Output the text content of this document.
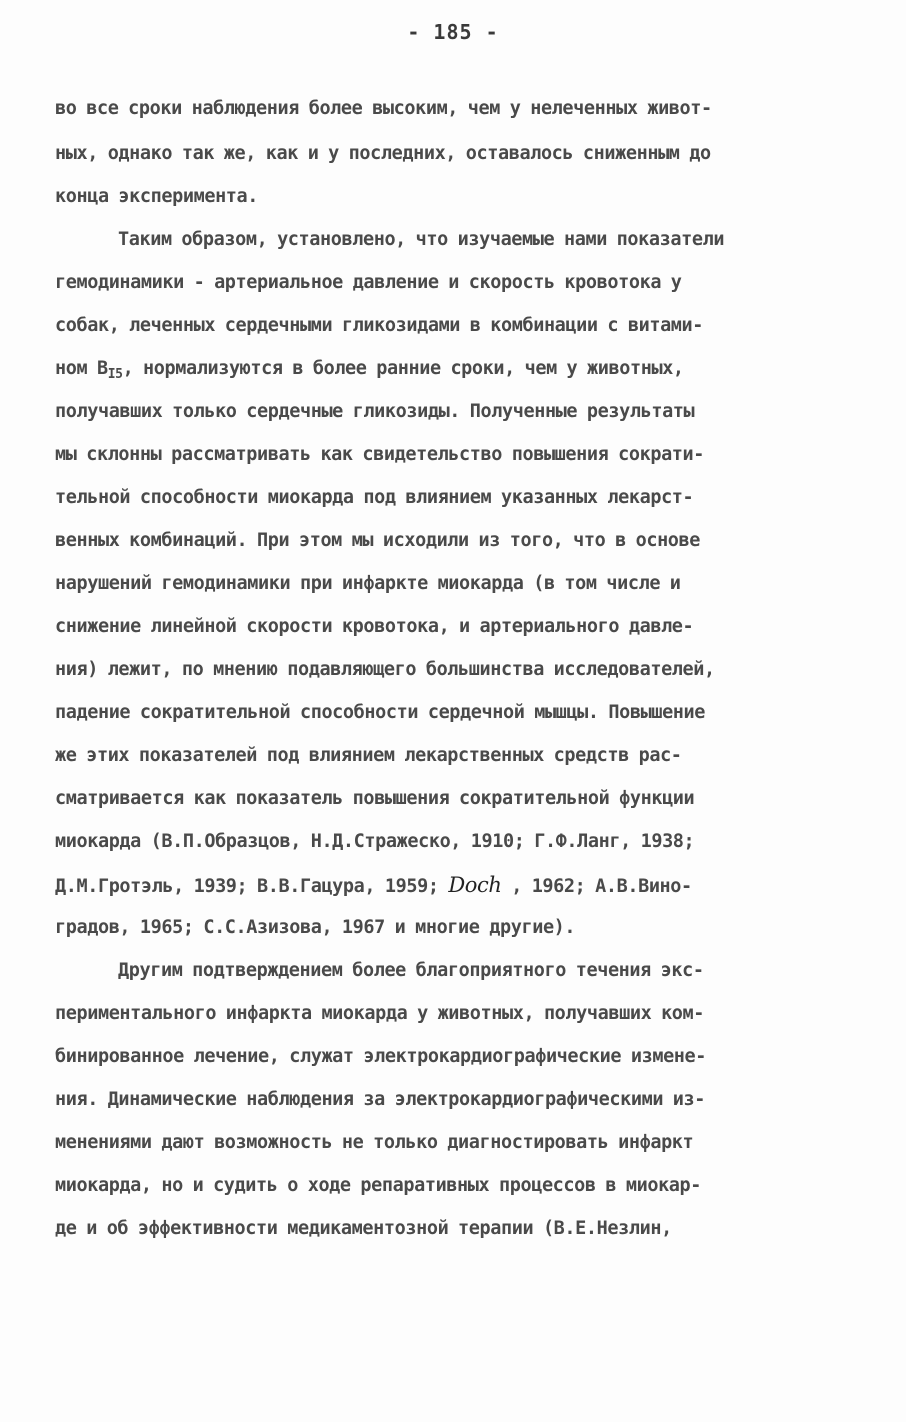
- 185 -
во все сроки наблюдения более высоким, чем у нелеченных живот-
ных, однако так же, как и у последних, оставалось сниженным до
конца эксперимента.
Таким образом, установлено, что изучаемые нами показатели
гемодинамики - артериальное давление и скорость кровотока у
собак, леченных сердечными гликозидами в комбинации с витами-
ном $B_{I5}$, нормализуются в более ранние сроки, чем у животных,
получавших только сердечные гликозиды. Полученные результаты
мы склонны рассматривать как свидетельство повышения сократи-
тельной способности миокарда под влиянием указанных лекарст-
венных комбинаций. При этом мы исходили из того, что в основе
нарушений гемодинамики при инфаркте миокарда (в том числе и
снижение линейной скорости кровотока, и артериального давле-
ния) лежит, по мнению подавляющего большинства исследователей,
падение сократительной способности сердечной мышцы. Повышение
же этих показателей под влиянием лекарственных средств рас-
сматривается как показатель повышения сократительной функции
миокарда (В.П.Образцов, Н.Д.Стражеско, 1910; Г.Ф.Ланг, 1938;
Д.М.Гротэль, 1939; В.В.Гацура, 1959; Doch , 1962; А.В.Вино-
градов, 1965; С.С.Азизова, 1967 и многие другие).
Другим подтверждением более благоприятного течения экс-
периментального инфаркта миокарда у животных, получавших ком-
бинированное лечение, служат электрокардиографические измене-
ния. Динамические наблюдения за электрокардиографическими из-
менениями дают возможность не только диагностировать инфаркт
миокарда, но и судить о ходе репаративных процессов в миокар-
де и об эффективности медикаментозной терапии (В.Е.Незлин,
